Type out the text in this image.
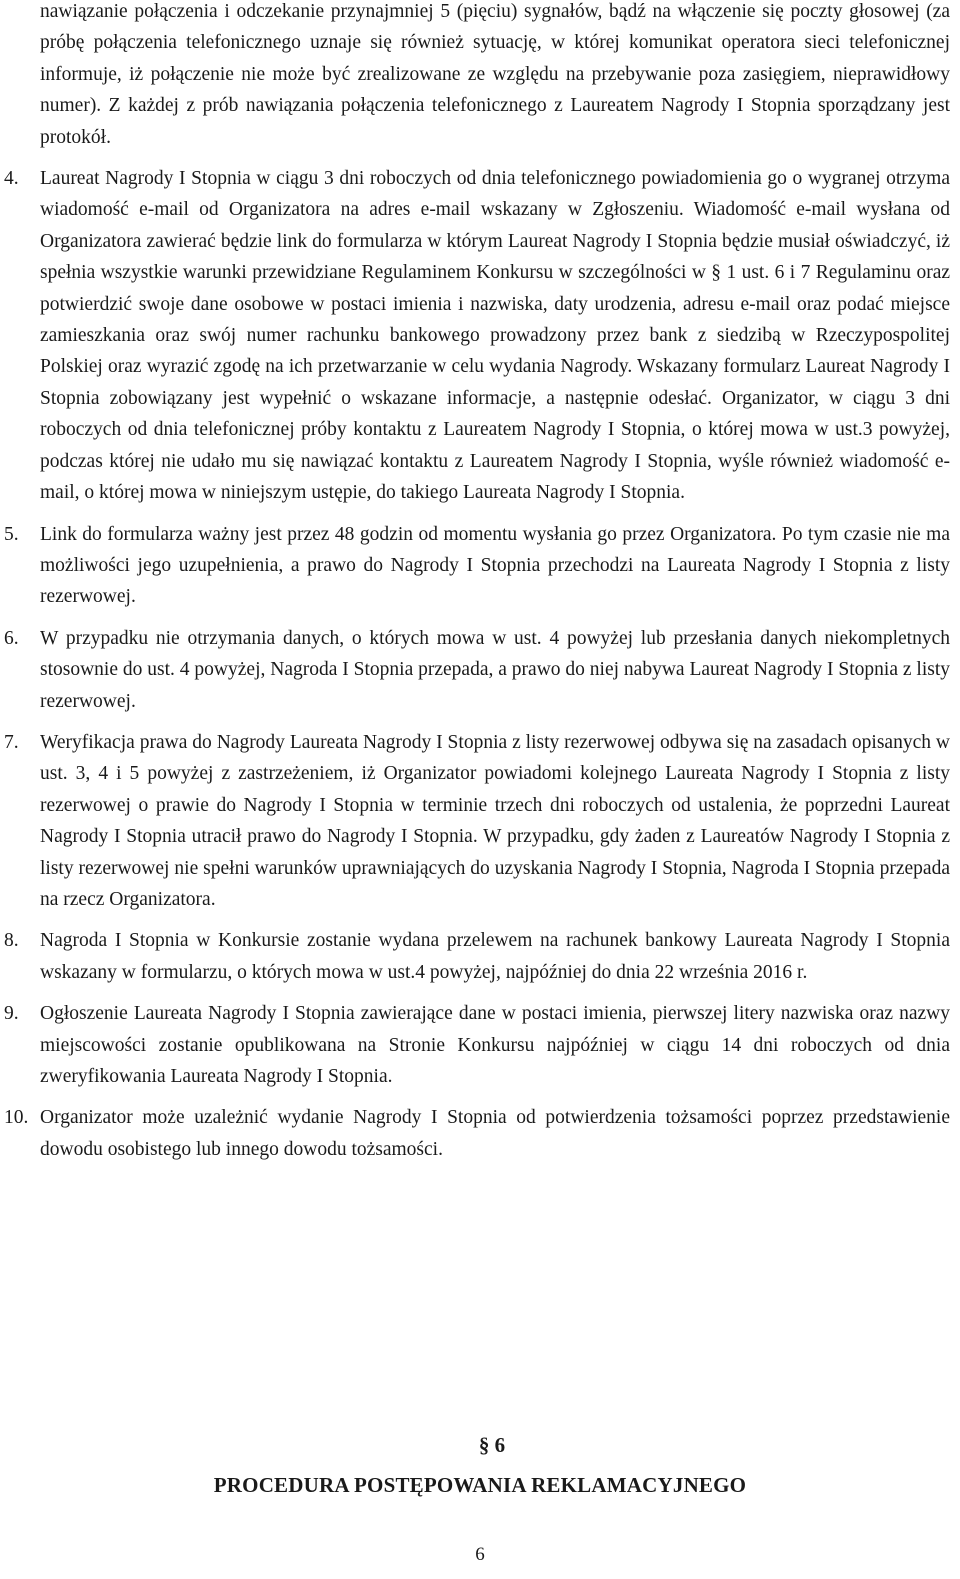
nawiązanie połączenia i odczekanie przynajmniej 5 (pięciu) sygnałów, bądź na włączenie się poczty głosowej (za próbę połączenia telefonicznego uznaje się również sytuację, w której komunikat operatora sieci telefonicznej informuje, iż połączenie nie może być zrealizowane ze względu na przebywanie poza zasięgiem, nieprawidłowy numer). Z każdej z prób nawiązania połączenia telefonicznego z Laureatem Nagrody I Stopnia sporządzany jest protokół.

4. Laureat Nagrody I Stopnia w ciągu 3 dni roboczych od dnia telefonicznego powiadomienia go o wygranej otrzyma wiadomość e-mail od Organizatora na adres e-mail wskazany w Zgłoszeniu. Wiadomość e-mail wysłana od Organizatora zawierać będzie link do formularza w którym Laureat Nagrody I Stopnia będzie musiał oświadczyć, iż spełnia wszystkie warunki przewidziane Regulaminem Konkursu w szczególności w § 1 ust. 6 i 7 Regulaminu oraz potwierdzić swoje dane osobowe w postaci imienia i nazwiska, daty urodzenia, adresu e-mail oraz podać miejsce zamieszkania oraz swój numer rachunku bankowego prowadzony przez bank z siedzibą w Rzeczypospolitej Polskiej oraz wyrazić zgodę na ich przetwarzanie w celu wydania Nagrody. Wskazany formularz Laureat Nagrody I Stopnia zobowiązany jest wypełnić o wskazane informacje, a następnie odesłać. Organizator, w ciągu 3 dni roboczych od dnia telefonicznej próby kontaktu z Laureatem Nagrody I Stopnia, o której mowa w ust.3 powyżej, podczas której nie udało mu się nawiązać kontaktu z Laureatem Nagrody I Stopnia, wyśle również wiadomość e-mail, o której mowa w niniejszym ustępie, do takiego Laureata Nagrody I Stopnia.
5. Link do formularza ważny jest przez 48 godzin od momentu wysłania go przez Organizatora. Po tym czasie nie ma możliwości jego uzupełnienia, a prawo do Nagrody I Stopnia przechodzi na Laureata Nagrody I Stopnia z listy rezerwowej.
6. W przypadku nie otrzymania danych, o których mowa w ust. 4 powyżej lub przesłania danych niekompletnych stosownie do ust. 4 powyżej, Nagroda I Stopnia przepada, a prawo do niej nabywa Laureat Nagrody I Stopnia z listy rezerwowej.
7. Weryfikacja prawa do Nagrody Laureata Nagrody I Stopnia z listy rezerwowej odbywa się na zasadach opisanych w ust. 3, 4 i 5 powyżej z zastrzeżeniem, iż Organizator powiadomi kolejnego Laureata Nagrody I Stopnia z listy rezerwowej o prawie do Nagrody I Stopnia w terminie trzech dni roboczych od ustalenia, że poprzedni Laureat Nagrody I Stopnia utracił prawo do Nagrody I Stopnia. W przypadku, gdy żaden z Laureatów Nagrody I Stopnia z listy rezerwowej nie spełni warunków uprawniających do uzyskania Nagrody I Stopnia, Nagroda I Stopnia przepada na rzecz Organizatora.
8. Nagroda I Stopnia w Konkursie zostanie wydana przelewem na rachunek bankowy Laureata Nagrody I Stopnia wskazany w formularzu, o których mowa w ust.4 powyżej, najpóźniej do dnia 22 września 2016 r.
9. Ogłoszenie Laureata Nagrody I Stopnia zawierające dane w postaci imienia, pierwszej litery nazwiska oraz nazwy miejscowości zostanie opublikowana na Stronie Konkursu najpóźniej w ciągu 14 dni roboczych od dnia zweryfikowania Laureata Nagrody I Stopnia.
10. Organizator może uzależnić wydanie Nagrody I Stopnia od potwierdzenia tożsamości poprzez przedstawienie dowodu osobistego lub innego dowodu tożsamości.
§ 6
PROCEDURA POSTĘPOWANIA REKLAMACYJNEGO
6
